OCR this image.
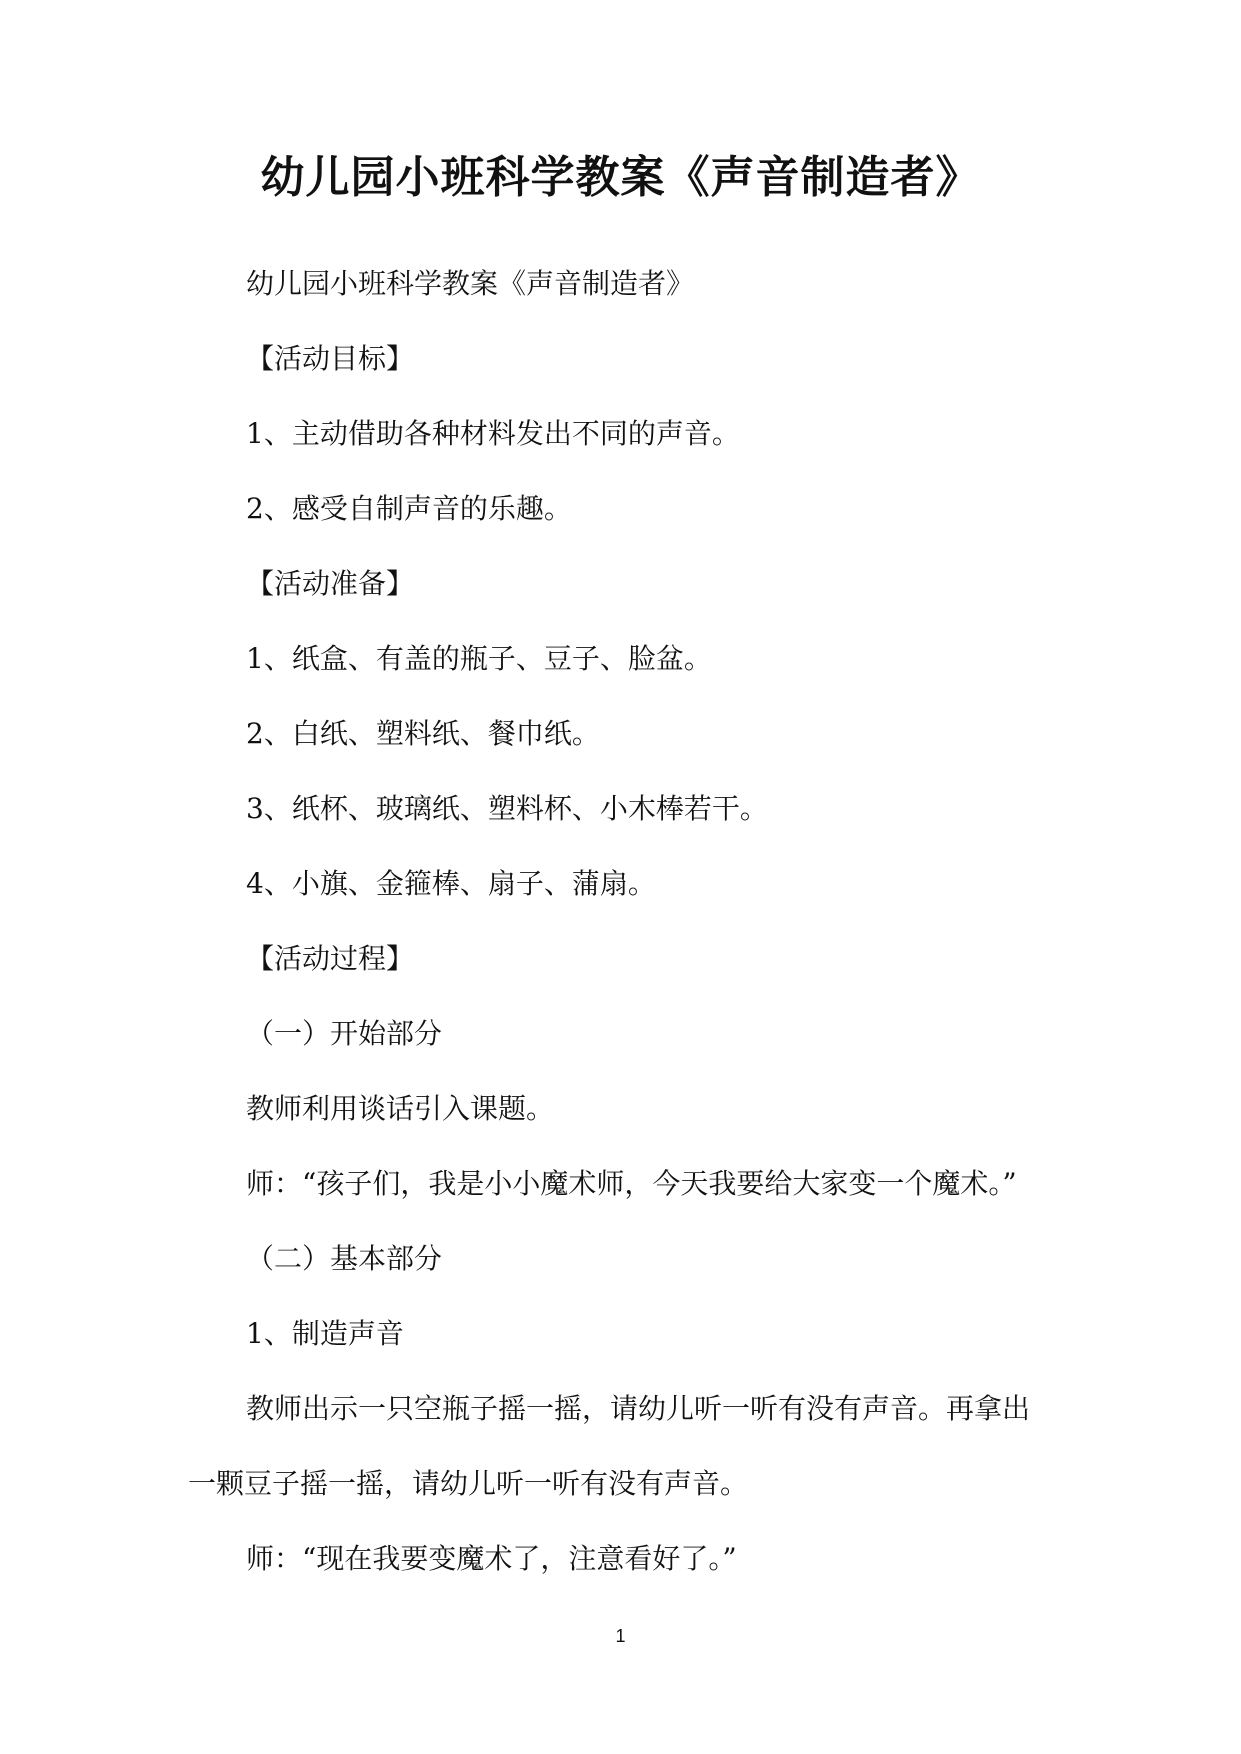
幼儿园小班科学教案《声音制造者》
幼儿园小班科学教案《声音制造者》
【活动目标】
1、主动借助各种材料发出不同的声音。
2、感受自制声音的乐趣。
【活动准备】
1、纸盒、有盖的瓶子、豆子、脸盆。
2、白纸、塑料纸、餐巾纸。
3、纸杯、玻璃纸、塑料杯、小木棒若干。
4、小旗、金箍棒、扇子、蒲扇。
【活动过程】
（一）开始部分
教师利用谈话引入课题。
师：“孩子们，我是小小魔术师，今天我要给大家变一个魔术。”
（二）基本部分
1、制造声音
教师出示一只空瓶子摇一摇，请幼儿听一听有没有声音。再拿出
一颗豆子摇一摇，请幼儿听一听有没有声音。
师：“现在我要变魔术了，注意看好了。”
1
